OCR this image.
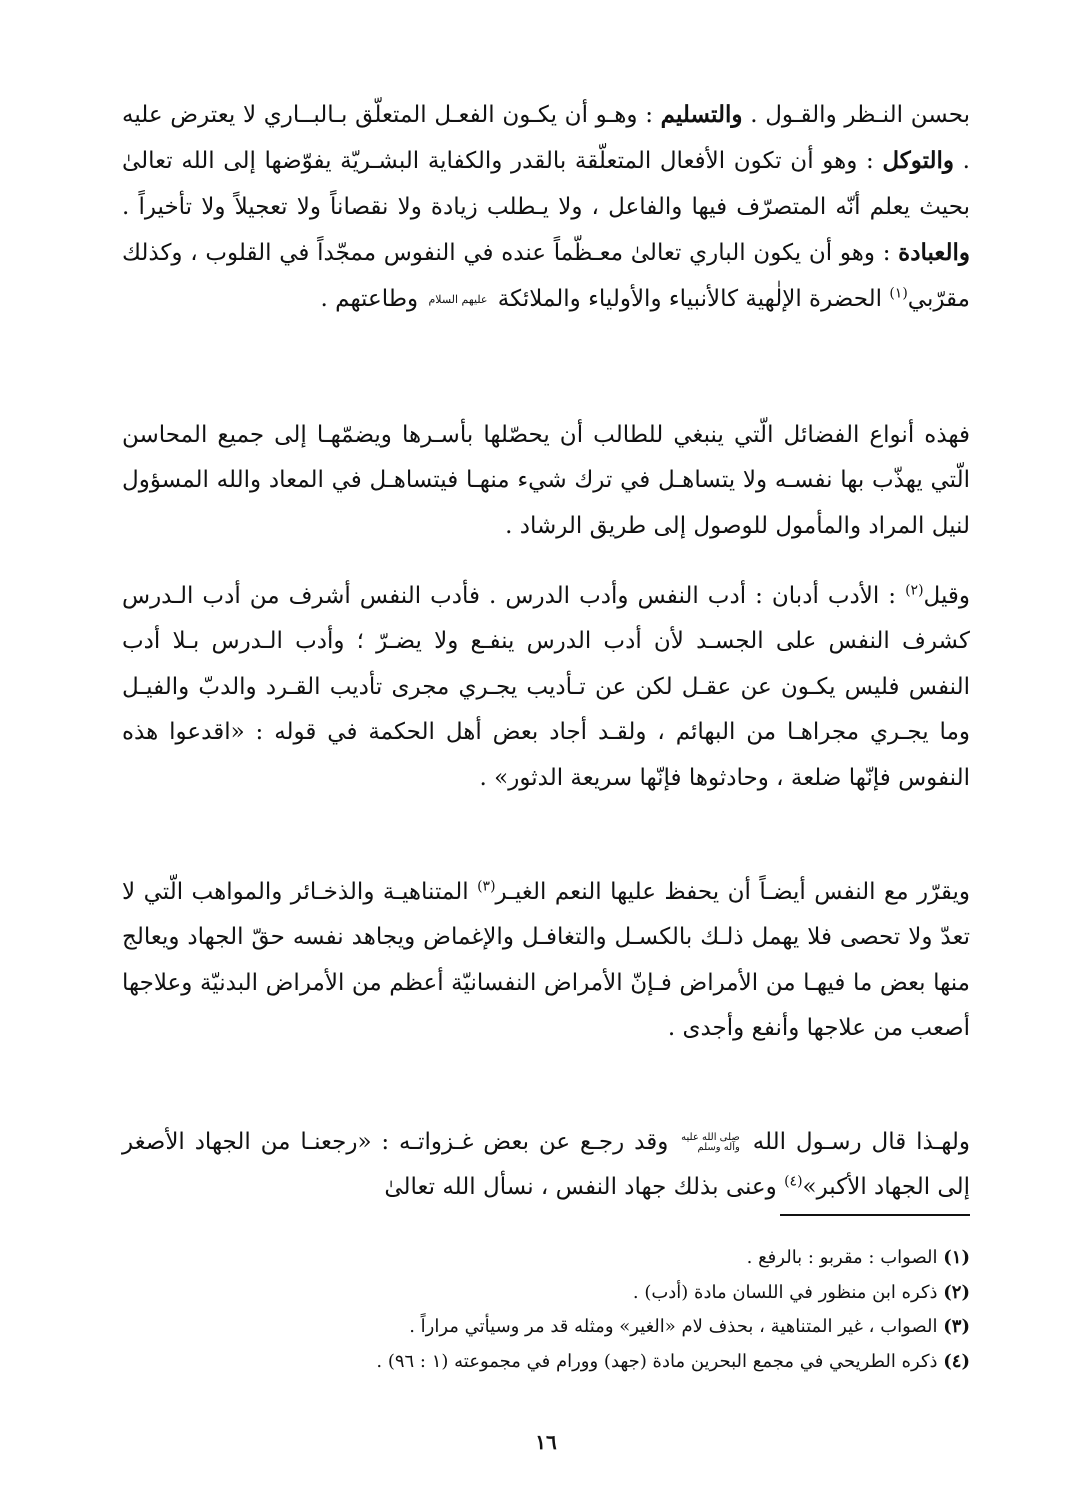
بحسن النـظر والقـول . والتسليم : وهـو أن يكـون الفعـل المتعلّق بـالبــاري لا يعترض عليه . والتوكل : وهو أن تكون الأفعال المتعلّقة بالقدر والكفاية البشـريّة يفوّضها إلى الله تعالىٰ بحيث يعلم أنّه المتصرّف فيها والفاعل ، ولا يـطلب زيادة ولا نقصاناً ولا تعجيلاً ولا تأخيراً . والعبادة : وهو أن يكون الباري تعالىٰ معـظّماً عنده في النفوس ممجّداً في القلوب ، وكذلك مقرّبي$^{(١)}$ الحضرة الإلٰهية كالأنبياء والأولياء والملائكة عليهم السلام وطاعتهم .

فهذه أنواع الفضائل الّتي ينبغي للطالب أن يحصّلها بأسـرها ويضمّهـا إلى جميع المحاسن الّتي يهذّب بها نفسـه ولا يتساهـل في ترك شيء منهـا فيتساهـل في المعاد والله المسؤول لنيل المراد والمأمول للوصول إلى طريق الرشاد .

وقيل$^{(٢)}$ : الأدب أدبان : أدب النفس وأدب الدرس . فأدب النفس أشرف من أدب الـدرس كشرف النفس على الجسـد لأن أدب الدرس ينفـع ولا يضـرّ ؛ وأدب الـدرس بـلا أدب النفس فليس يكـون عن عقـل لكن عن تـأديب يجـري مجرى تأديب القـرد والدبّ والفيـل وما يجـري مجراهـا من البهائم ، ولقـد أجاد بعض أهل الحكمة في قوله : «اقدعوا هذه النفوس فإنّها ضلعة ، وحادثوها فإنّها سريعة الدثور» .

ويقرّر مع النفس أيضـاً أن يحفظ عليها النعم الغيـر$^{(٣)}$ المتناهيـة والذخـائر والمواهب الّتي لا تعدّ ولا تحصى فلا يهمل ذلـك بالكسـل والتغافـل والإغماض ويجاهد نفسه حقّ الجهاد ويعالج منها بعض ما فيهـا من الأمراض فـإنّ الأمراض النفسانيّة أعظم من الأمراض البدنيّة وعلاجها أصعب من علاجها وأنفع وأجدى .

ولهـذا قال رسـول الله
صلى الله عليه
وآله وسلم
وقد رجـع عن بعض غـزواتـه : «رجعنـا من الجهاد الأصغر إلى الجهاد الأكبر»$^{(٤)}$ وعنى بذلك جهاد النفس ، نسأل الله تعالىٰ

(١) الصواب : مقربو : بالرفع .

(٢) ذكره ابن منظور في اللسان مادة (أدب) .

(٣) الصواب ، غير المتناهية ، بحذف لام «الغير» ومثله قد مر وسيأتي مراراً .

(٤) ذكره الطريحي في مجمع البحرين مادة (جهد) وورام في مجموعته (١ : ٩٦) .

١٦
